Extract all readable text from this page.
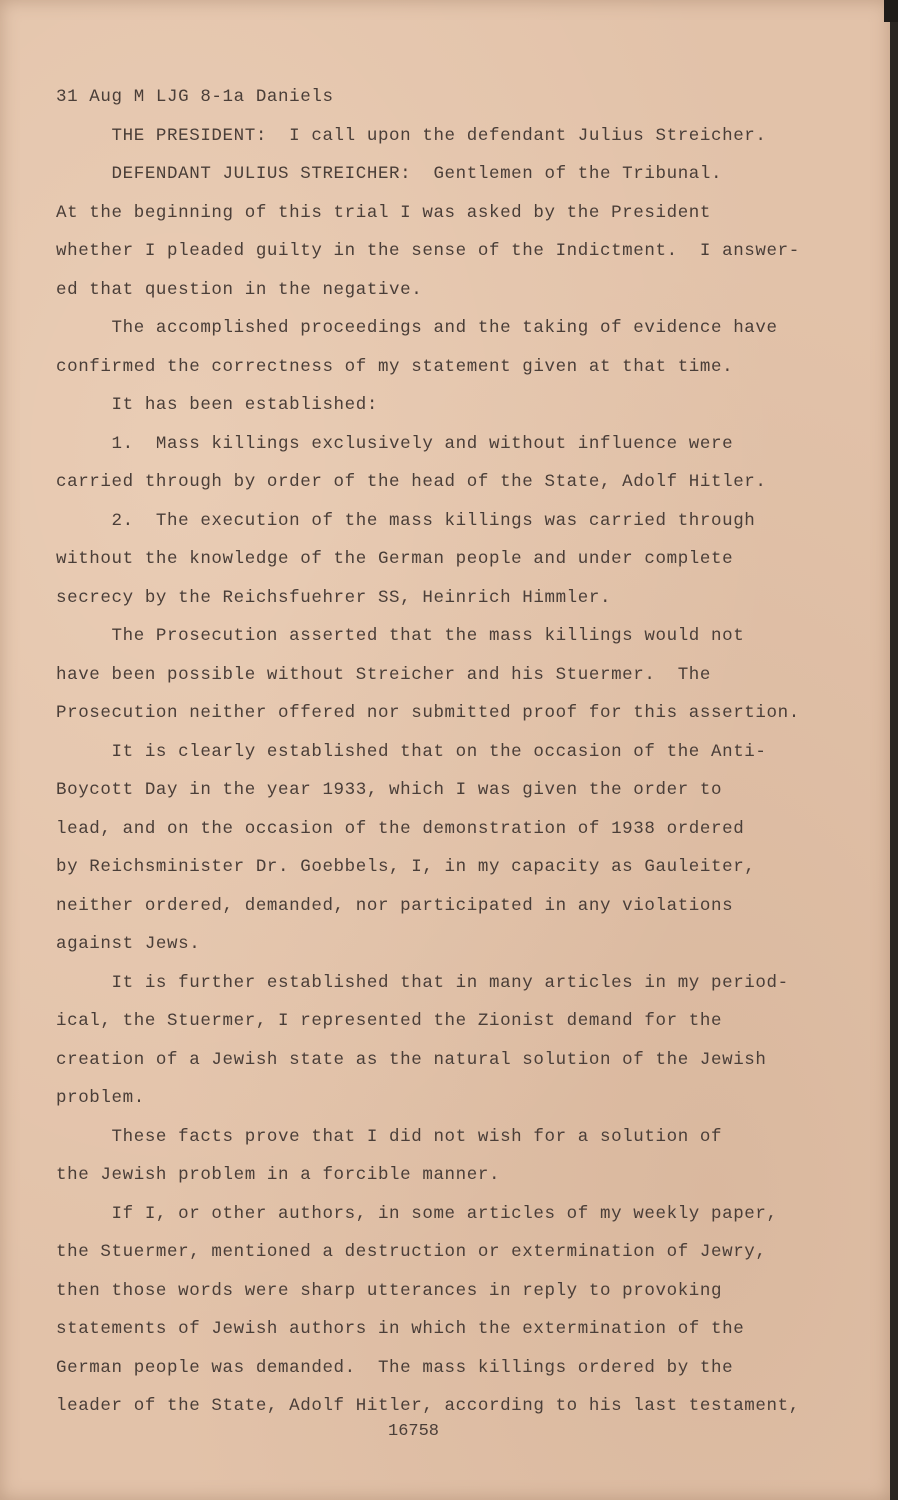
31 Aug M LJG 8-1a Daniels
THE PRESIDENT:  I call upon the defendant Julius Streicher.
DEFENDANT JULIUS STREICHER:  Gentlemen of the Tribunal.
At the beginning of this trial I was asked by the President
whether I pleaded guilty in the sense of the Indictment.  I answer-
ed that question in the negative.
The accomplished proceedings and the taking of evidence have
confirmed the correctness of my statement given at that time.
It has been established:
1.  Mass killings exclusively and without influence were
carried through by order of the head of the State, Adolf Hitler.
2.  The execution of the mass killings was carried through
without the knowledge of the German people and under complete
secrecy by the Reichsfuehrer SS, Heinrich Himmler.
The Prosecution asserted that the mass killings would not
have been possible without Streicher and his Stuermer.  The
Prosecution neither offered nor submitted proof for this assertion.
It is clearly established that on the occasion of the Anti-
Boycott Day in the year 1933, which I was given the order to
lead, and on the occasion of the demonstration of 1938 ordered
by Reichsminister Dr. Goebbels, I, in my capacity as Gauleiter,
neither ordered, demanded, nor participated in any violations
against Jews.
It is further established that in many articles in my period-
ical, the Stuermer, I represented the Zionist demand for the
creation of a Jewish state as the natural solution of the Jewish
problem.
These facts prove that I did not wish for a solution of
the Jewish problem in a forcible manner.
If I, or other authors, in some articles of my weekly paper,
the Stuermer, mentioned a destruction or extermination of Jewry,
then those words were sharp utterances in reply to provoking
statements of Jewish authors in which the extermination of the
German people was demanded.  The mass killings ordered by the
leader of the State, Adolf Hitler, according to his last testament,
16758
